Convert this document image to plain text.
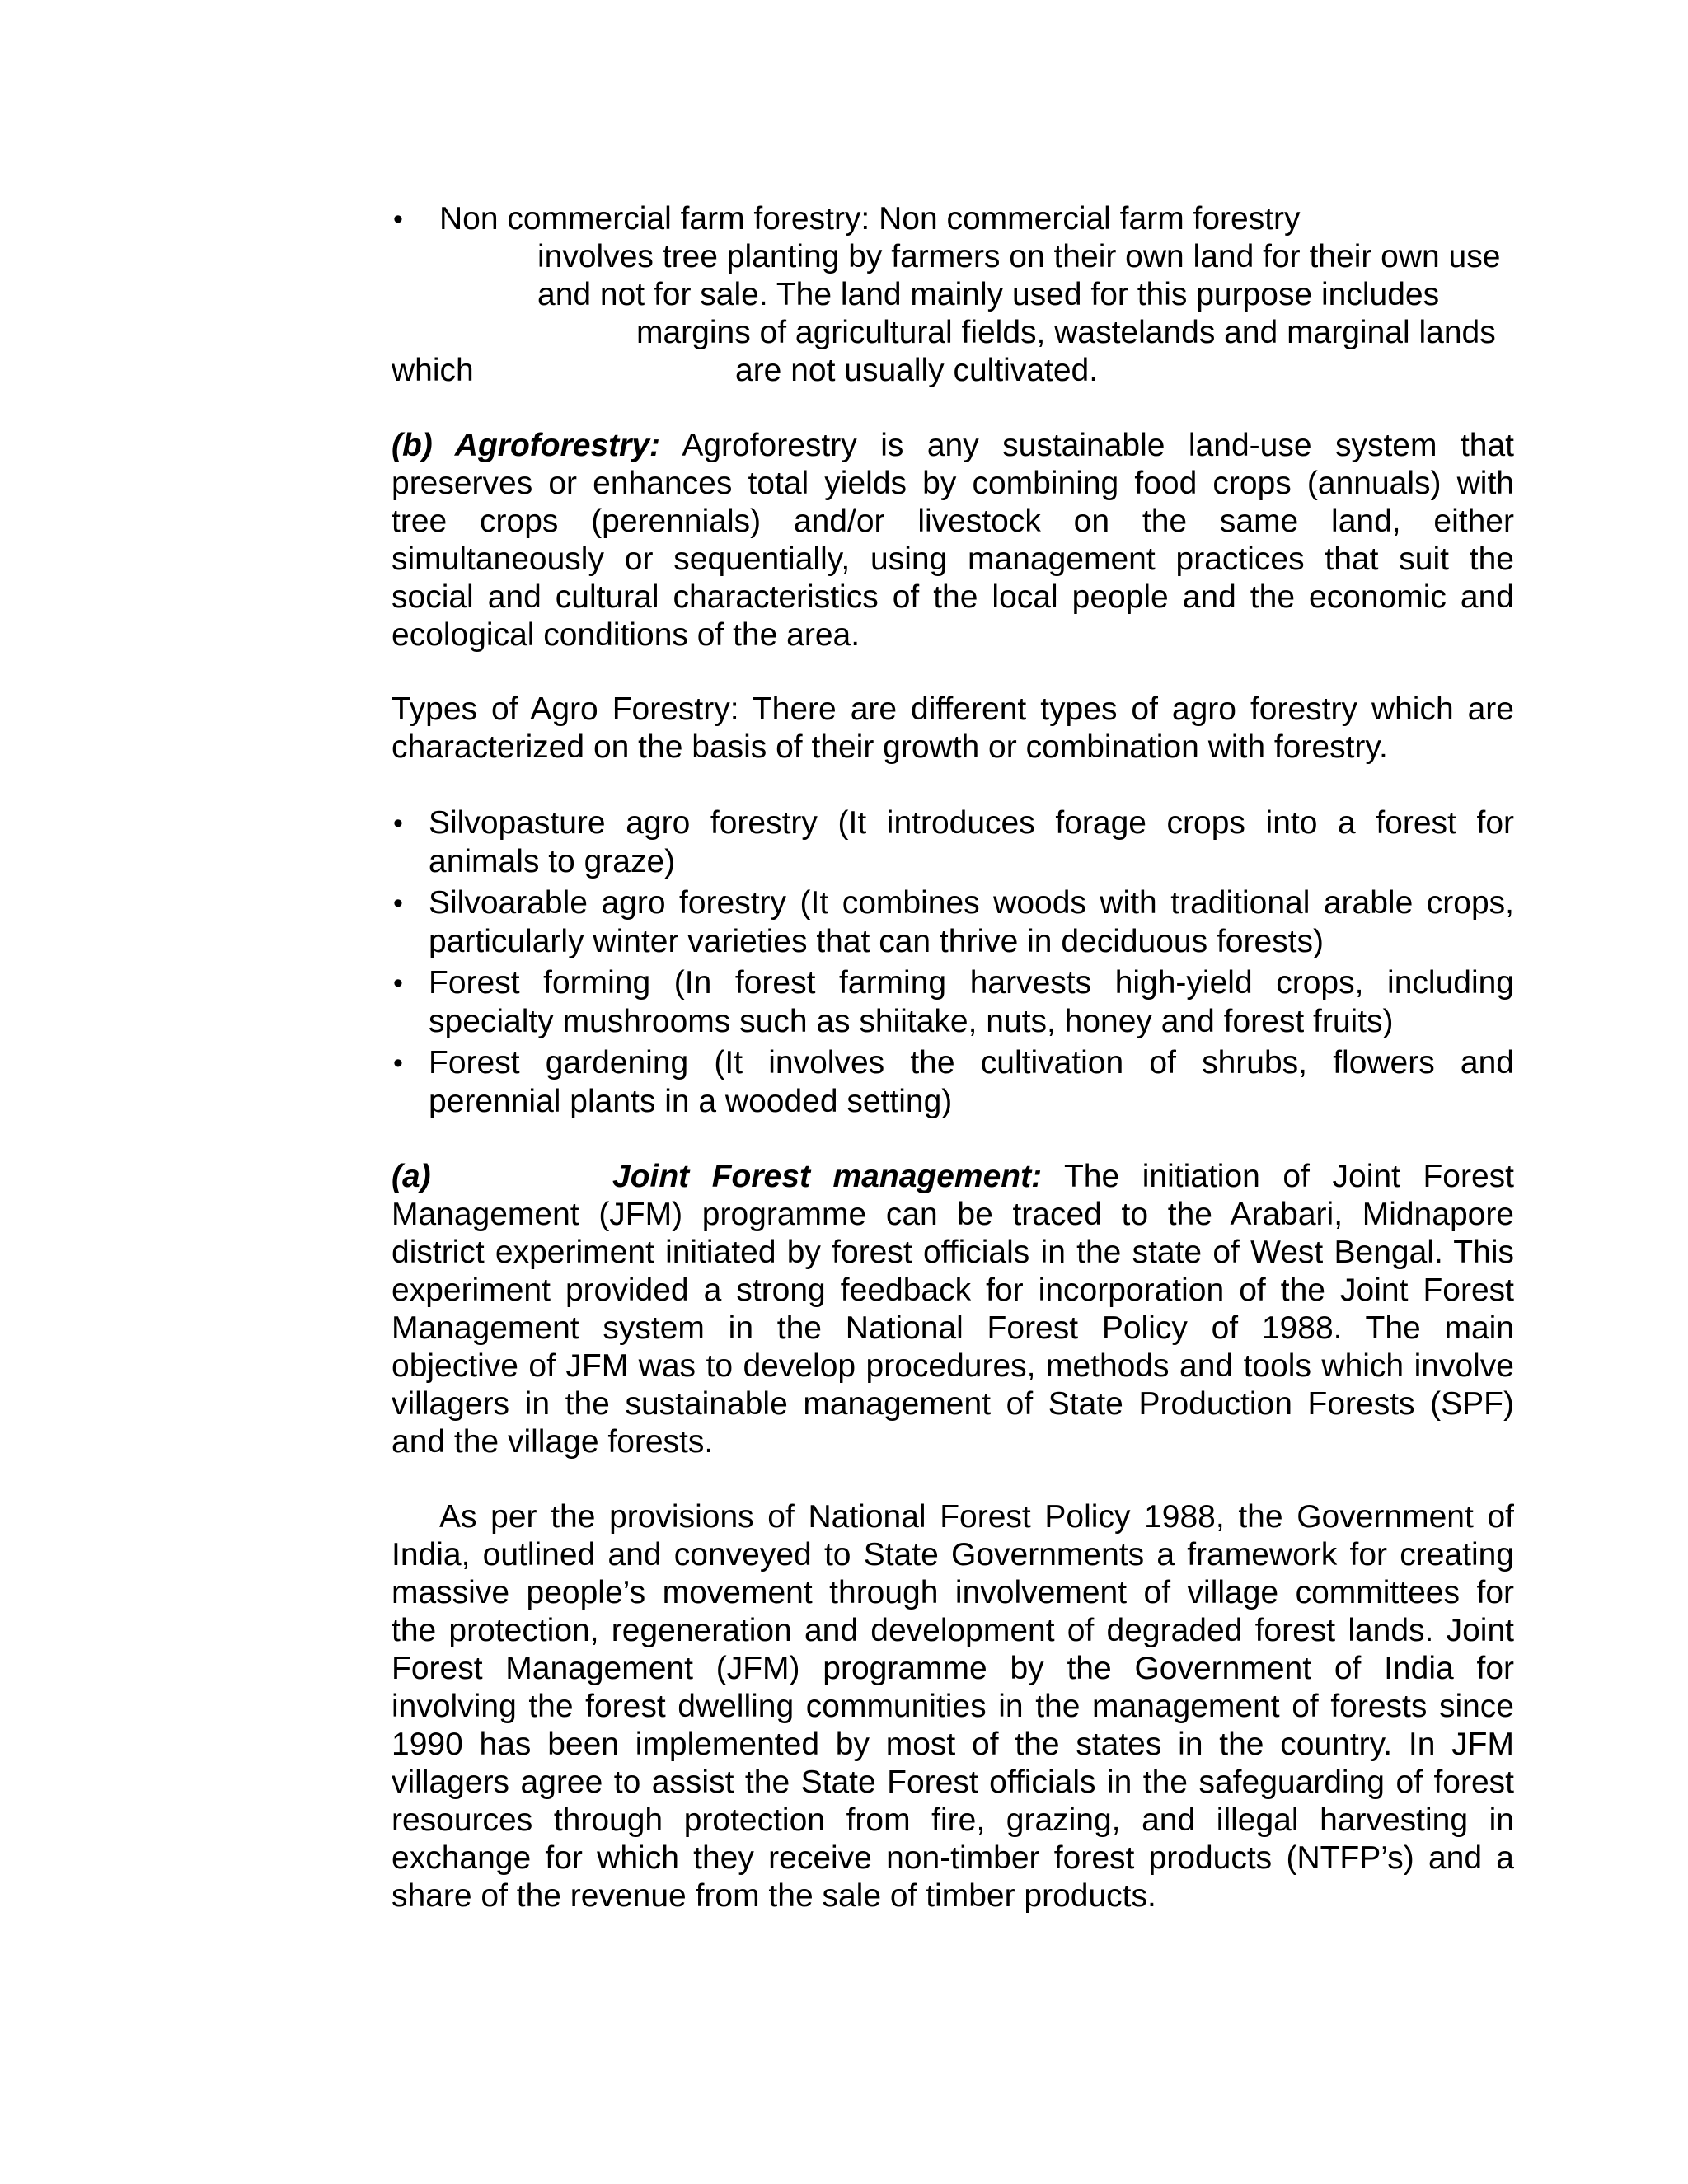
• Non commercial farm forestry: Non commercial farm forestry

involves tree planting by farmers on their own land for their own use

and not for sale. The land mainly used for this purpose includes

margins of agricultural fields, wastelands and marginal lands

which	are not usually cultivated.

(b) Agroforestry: Agroforestry is any sustainable land-use system that

preserves or enhances total yields by combining food crops (annuals) with

tree crops (perennials) and/or livestock on the same land, either

simultaneously or sequentially, using management practices that suit the

social and cultural characteristics of the local people and the economic and

ecological conditions of the area.

Types of Agro Forestry: There are different types of agro forestry which are

characterized on the basis of their growth or combination with forestry.

• Silvopasture agro forestry (It introduces forage crops into a forest for

animals to graze)

• Silvoarable agro forestry (It combines woods with traditional arable crops,

particularly winter varieties that can thrive in deciduous forests)

• Forest forming (In forest farming harvests high-yield crops, including

specialty mushrooms such as shiitake, nuts, honey and forest fruits)

• Forest gardening (It involves the cultivation of shrubs, flowers and

perennial plants in a wooded setting)

(a)	Joint Forest management: The initiation of Joint Forest

Management (JFM) programme can be traced to the Arabari, Midnapore

district experiment initiated by forest officials in the state of West Bengal. This

experiment provided a strong feedback for incorporation of the Joint Forest

Management system in the National Forest Policy of 1988. The main

objective of JFM was to develop procedures, methods and tools which involve

villagers in the sustainable management of State Production Forests (SPF)

and the village forests.

As per the provisions of National Forest Policy 1988, the Government of

India, outlined and conveyed to State Governments a framework for creating

massive people’s movement through involvement of village committees for

the protection, regeneration and development of degraded forest lands. Joint

Forest Management (JFM) programme by the Government of India for

involving the forest dwelling communities in the management of forests since

1990 has been implemented by most of the states in the country. In JFM

villagers agree to assist the State Forest officials in the safeguarding of forest

resources through protection from fire, grazing, and illegal harvesting in

exchange for which they receive non-timber forest products (NTFP’s) and a

share of the revenue from the sale of timber products.
